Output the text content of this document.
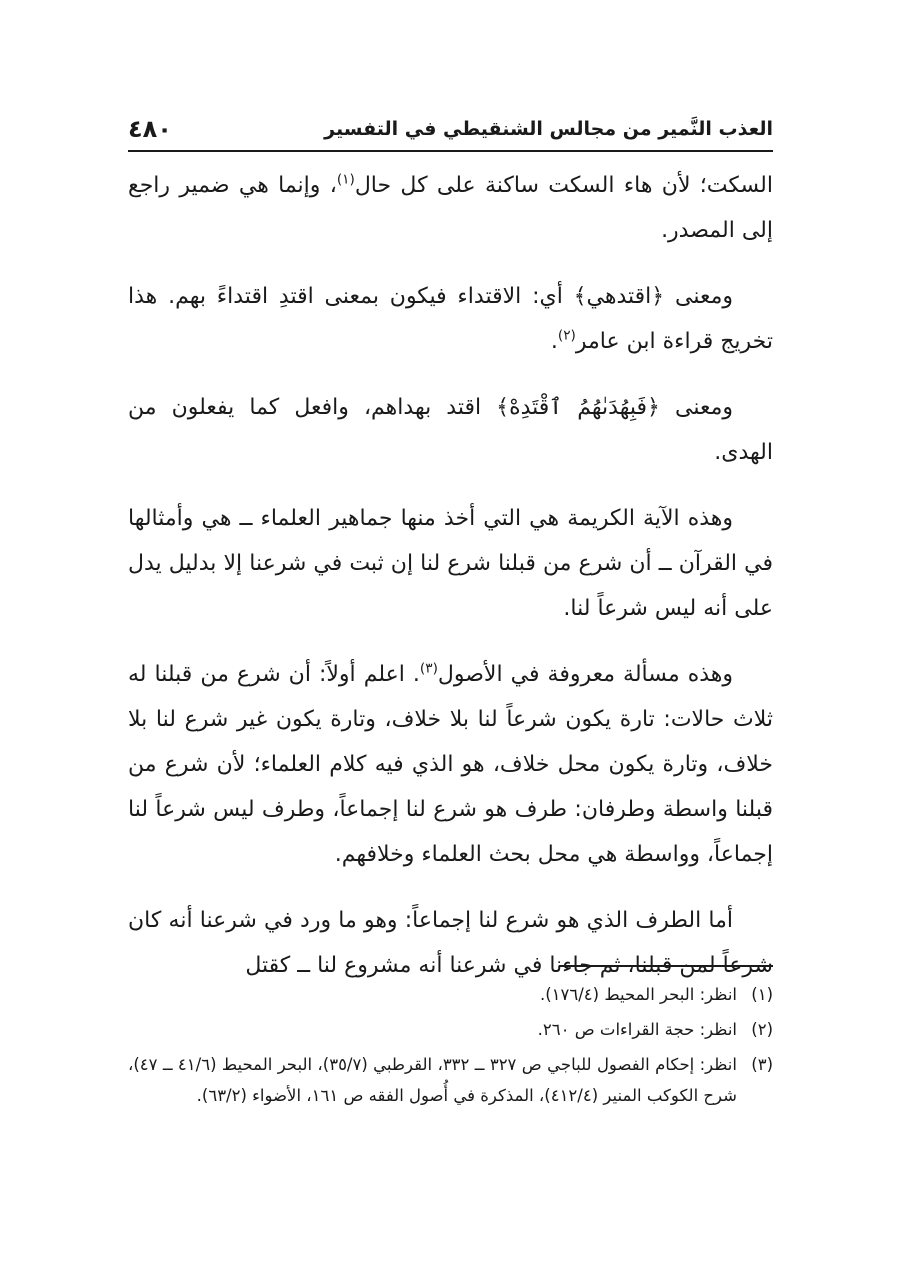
العذب النَّمير من مجالس الشنقيطي في التفسير
٤٨٠

السكت؛ لأن هاء السكت ساكنة على كل حال$^{(١)}$، وإنما هي ضمير راجع إلى المصدر.

ومعنى ﴿اقتدهي﴾ أي: الاقتداء فيكون بمعنى اقتدِ اقتداءً بهم. هذا تخريج قراءة ابن عامر$^{(٢)}$.

ومعنى ﴿فَبِهُدَىٰهُمُ ٱقْتَدِهْ﴾ اقتد بهداهم، وافعل كما يفعلون من الهدى.

وهذه الآية الكريمة هي التي أخذ منها جماهير العلماء ــ هي وأمثالها في القرآن ــ أن شرع من قبلنا شرع لنا إن ثبت في شرعنا إلا بدليل يدل على أنه ليس شرعاً لنا.

وهذه مسألة معروفة في الأصول$^{(٣)}$. اعلم أولاً: أن شرع من قبلنا له ثلاث حالات: تارة يكون شرعاً لنا بلا خلاف، وتارة يكون غير شرع لنا بلا خلاف، وتارة يكون محل خلاف، هو الذي فيه كلام العلماء؛ لأن شرع من قبلنا واسطة وطرفان: طرف هو شرع لنا إجماعاً، وطرف ليس شرعاً لنا إجماعاً، وواسطة هي محل بحث العلماء وخلافهم.

أما الطرف الذي هو شرع لنا إجماعاً: وهو ما ورد في شرعنا أنه كان شرعاً لمن قبلنا، ثم جاءنا في شرعنا أنه مشروع لنا ــ كقتل

(١)
انظر: البحر المحيط (١٧٦/٤).
(٢)
انظر: حجة القراءات ص ٢٦٠.
(٣)
انظر: إحكام الفصول للباجي ص ٣٢٧ ــ ٣٣٢، القرطبي (٣٥/٧)، البحر المحيط (٤١/٦ ــ ٤٧)، شرح الكوكب المنير (٤١٢/٤)، المذكرة في أُصول الفقه ص ١٦١، الأضواء (٦٣/٢).
